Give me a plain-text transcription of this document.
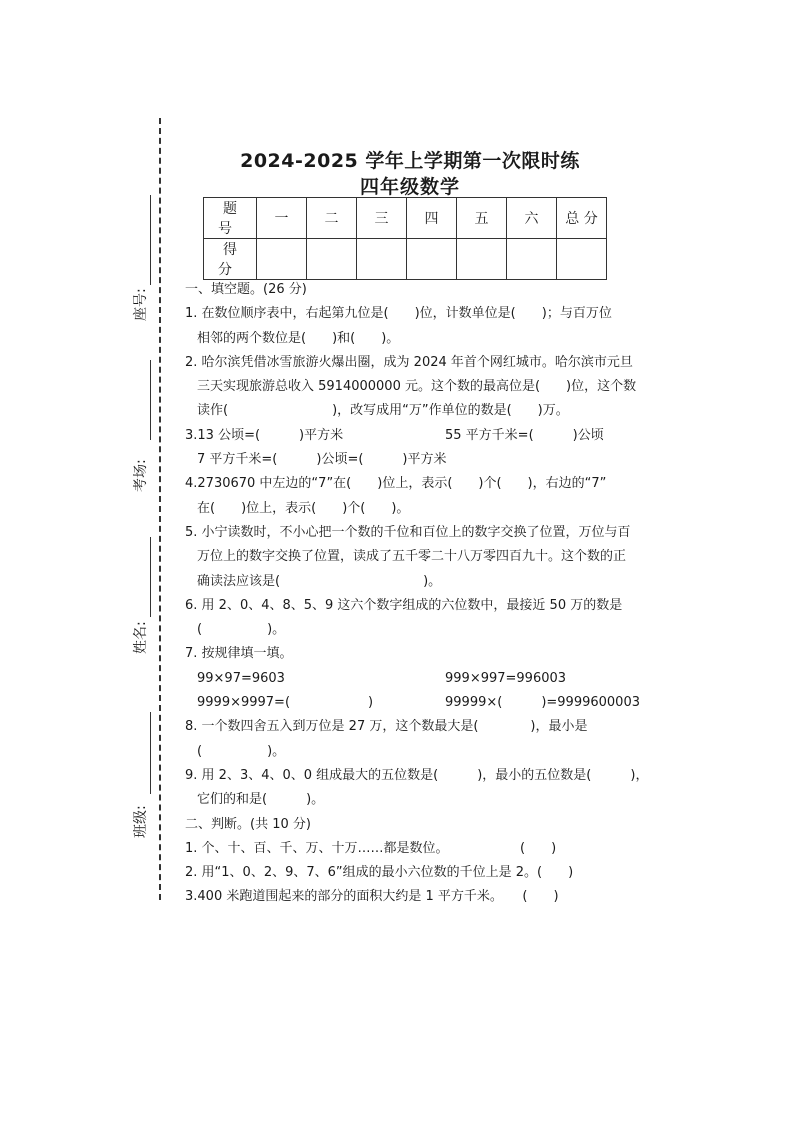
座号:
考场:
姓名:
班级:
2024-2025 学年上学期第一次限时练
四年级数学
题 号	一	二	三	四	五	六	总 分
得 分							
一、填空题。(26 分)
1. 在数位顺序表中，右起第九位是(　　)位，计数单位是(　　)；与百万位
相邻的两个数位是(　　)和(　　)。
2. 哈尔滨凭借冰雪旅游火爆出圈，成为 2024 年首个网红城市。哈尔滨市元旦
三天实现旅游总收入 5914000000 元。这个数的最高位是(　　)位，这个数
读作(　　　　　　　　)，改写成用“万”作单位的数是(　　)万。
3.13 公顷=(　　　)平方米	55 平方千米=(　　　)公顷
7 平方千米=(　　　)公顷=(　　　)平方米
4.2730670 中左边的“7”在(　　)位上，表示(　　)个(　　)，右边的“7”
在(　　)位上，表示(　　)个(　　)。
5. 小宁读数时，不小心把一个数的千位和百位上的数字交换了位置，万位与百
万位上的数字交换了位置，读成了五千零二十八万零四百九十。这个数的正
确读法应该是(　　　　　　　　　　　)。
6. 用 2、0、4、8、5、9 这六个数字组成的六位数中，最接近 50 万的数是
(　　　　　)。
7. 按规律填一填。
99×97=9603	999×997=996003
9999×9997=(　　　　　　)	99999×(　　　)=9999600003
8. 一个数四舍五入到万位是 27 万，这个数最大是(　　　　)，最小是
(　　　　　)。
9. 用 2、3、4、0、0 组成最大的五位数是(　　　)，最小的五位数是(　　　)，
它们的和是(　　　)。
二、判断。(共 10 分)
1. 个、十、百、千、万、十万……都是数位。　　　　　　(　　)
2. 用“1、0、2、9、7、6”组成的最小六位数的千位上是 2。(　　)
3.400 米跑道围起来的部分的面积大约是 1 平方千米。　　(　　)
